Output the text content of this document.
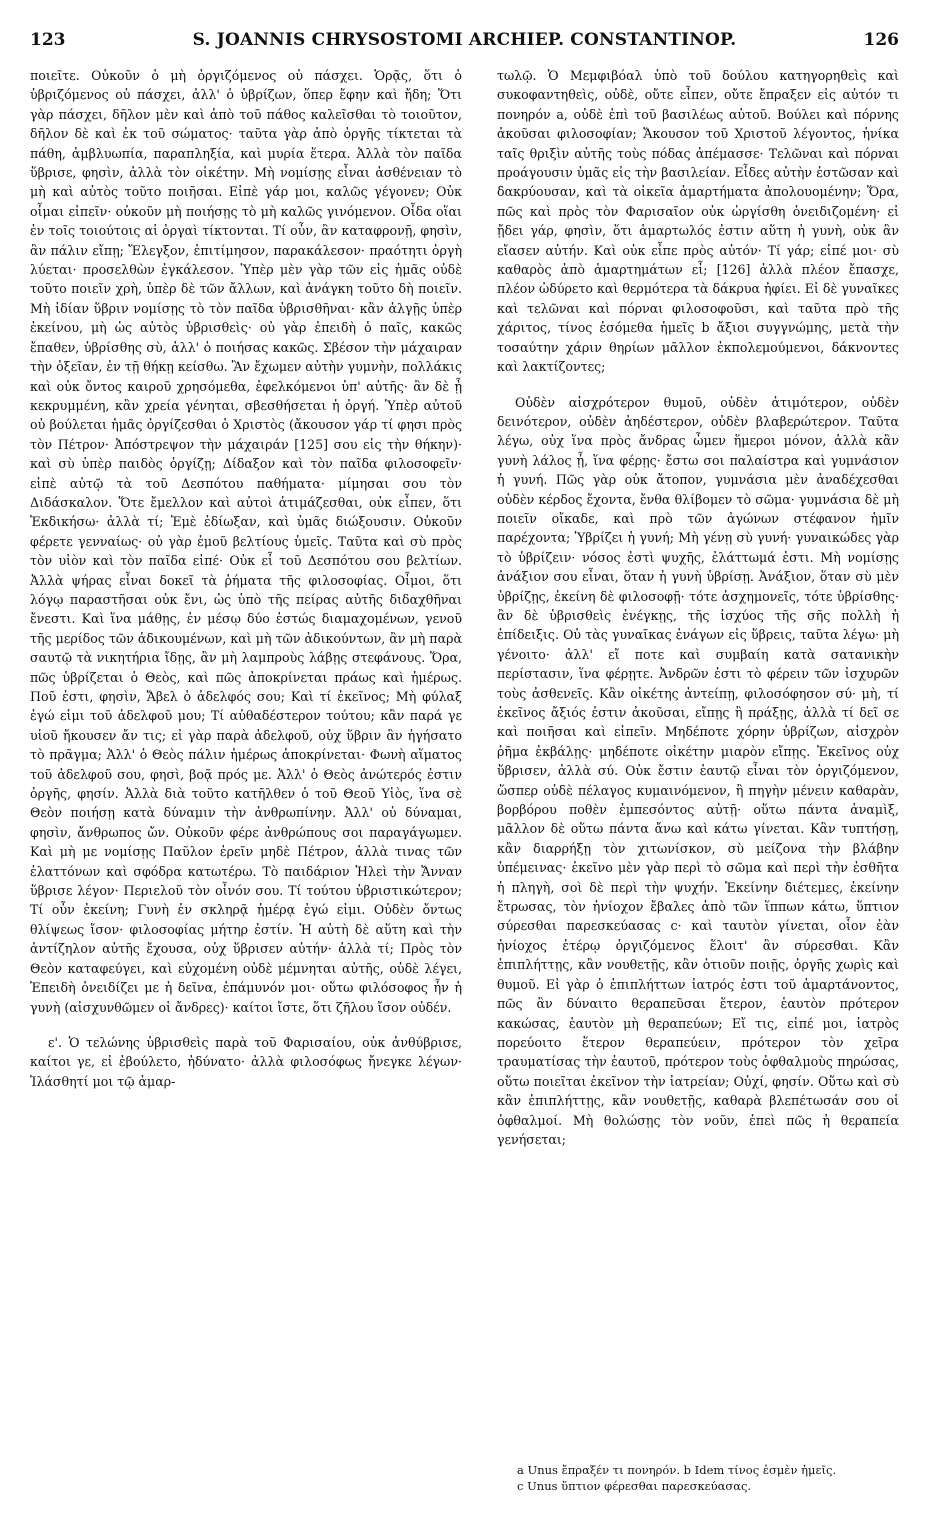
123	S. JOANNIS CHRYSOSTOMI ARCHIEP. CONSTANTINOP.	126

ποιεῖτε. Οὐκοῦν ὁ μὴ ὀργιζόμενος οὐ πάσχει. Ὁρᾷς, ὅτι ὁ ὑβριζόμενος οὐ πάσχει, ἀλλ' ὁ ὑβρίζων, ὅπερ ἔφην καὶ ἤδη; Ὅτι γὰρ πάσχει, δῆλον μὲν καὶ ἀπὸ τοῦ πάθος καλεῖσθαι τὸ τοιοῦτον, δῆλον δὲ καὶ ἐκ τοῦ σώματος· ταῦτα γὰρ ἀπὸ ὀργῆς τίκτεται τὰ πάθη, ἀμβλυωπία, παραπληξία, καὶ μυρία ἕτερα. Ἀλλὰ τὸν παῖδα ὕβρισε, φησὶν, ἀλλὰ τὸν οἰκέτην. Μὴ νομίσῃς εἶναι ἀσθένειαν τὸ μὴ καὶ αὐτὸς τοῦτο ποιῆσαι. Εἰπὲ γάρ μοι, καλῶς γέγονεν; Οὐκ οἶμαι εἰπεῖν· οὐκοῦν μὴ ποιήσῃς τὸ μὴ καλῶς γινόμενον. Οἶδα οἵαι ἐν τοῖς τοιούτοις αἱ ὀργαὶ τίκτονται. Τί οὖν, ἂν καταφρονῇ, φησὶν, ἂν πάλιν εἴπῃ; Ἔλεγξον, ἐπιτίμησον, παρακάλεσον· πραότητι ὀργὴ λύεται· προσελθὼν ἐγκάλεσον. Ὑπὲρ μὲν γὰρ τῶν εἰς ἡμᾶς οὐδὲ τοῦτο ποιεῖν χρὴ, ὑπὲρ δὲ τῶν ἄλλων, καὶ ἀνάγκη τοῦτο δὴ ποιεῖν. Μὴ ἰδίαν ὕβριν νομίσῃς τὸ τὸν παῖδα ὑβρισθῆναι· κἂν ἀλγῇς ὑπὲρ ἐκείνου, μὴ ὡς αὐτὸς ὑβρισθεὶς· οὐ γὰρ ἐπειδὴ ὁ παῖς, κακῶς ἔπαθεν, ὑβρίσθης σὺ, ἀλλ' ὁ ποιήσας κακῶς. Σβέσον τὴν μάχαιραν τὴν ὀξεῖαν, ἐν τῇ θήκῃ κείσθω. Ἂν ἔχωμεν αὐτὴν γυμνὴν, πολλάκις καὶ οὐκ ὄντος καιροῦ χρησόμεθα, ἐφελκόμενοι ὑπ' αὐτῆς· ἂν δὲ ᾖ κεκρυμμένη, κἂν χρεία γένηται, σβεσθήσεται ἡ ὀργή. Ὑπὲρ αὐτοῦ οὐ βούλεται ἡμᾶς ὀργίζεσθαι ὁ Χριστὸς (ἄκουσον γάρ τί φησι πρὸς τὸν Πέτρον· Ἀπόστρεψον τὴν μάχαιράν [125] σου εἰς τὴν θήκην)· καὶ σὺ ὑπὲρ παιδὸς ὀργίζῃ; Δίδαξον καὶ τὸν παῖδα φιλοσοφεῖν· εἰπὲ αὐτῷ τὰ τοῦ Δεσπότου παθήματα· μίμησαι σου τὸν Διδάσκαλον. Ὅτε ἔμελλον καὶ αὐτοὶ ἀτιμάζεσθαι, οὐκ εἶπεν, ὅτι Ἐκδικήσω· ἀλλὰ τί; Ἐμὲ ἐδίωξαν, καὶ ὑμᾶς διώξουσιν. Οὐκοῦν φέρετε γενναίως· οὐ γὰρ ἐμοῦ βελτίους ὑμεῖς. Ταῦτα καὶ σὺ πρὸς τὸν υἱὸν καὶ τὸν παῖδα εἰπέ· Οὐκ εἶ τοῦ Δεσπότου σου βελτίων. Ἀλλὰ ψήρας εἶναι δοκεῖ τὰ ῥήματα τῆς φιλοσοφίας. Οἶμοι, ὅτι λόγῳ παραστῆσαι οὐκ ἔνι, ὡς ὑπὸ τῆς πείρας αὐτῆς διδαχθῆναι ἔνεστι. Καὶ ἵνα μάθῃς, ἐν μέσῳ δύο ἐστώς διαμαχομένων, γενοῦ τῆς μερίδος τῶν ἀδικουμένων, καὶ μὴ τῶν ἀδικούντων, ἂν μὴ παρὰ σαυτῷ τὰ νικητήρια ἴδῃς, ἂν μὴ λαμπροὺς λάβῃς στεφάνους. Ὅρα, πῶς ὑβρίζεται ὁ Θεὸς, καὶ πῶς ἀποκρίνεται πράως καὶ ἡμέρως. Ποῦ ἐστι, φησὶν, Ἄβελ ὁ ἀδελφός σου; Καὶ τί ἐκεῖνος; Μὴ φύλαξ ἐγώ εἰμι τοῦ ἀδελφοῦ μου; Τί αὐθαδέστερον τούτου; κἂν παρά γε υἱοῦ ἤκουσεν ἄν τις; εἰ γὰρ παρὰ ἀδελφοῦ, οὐχ ὕβριν ἂν ἡγήσατο τὸ πρᾶγμα; Ἀλλ' ὁ Θεὸς πάλιν ἡμέρως ἀποκρίνεται· Φωνὴ αἵματος τοῦ ἀδελφοῦ σου, φησὶ, βοᾷ πρός με. Ἀλλ' ὁ Θεὸς ἀνώτερός ἐστιν ὀργῆς, φησίν. Ἀλλὰ διὰ τοῦτο κατῆλθεν ὁ τοῦ Θεοῦ Υἱὸς, ἵνα σὲ Θεὸν ποιήσῃ κατὰ δύναμιν τὴν ἀνθρωπίνην. Ἀλλ' οὐ δύναμαι, φησὶν, ἄνθρωπος ὤν. Οὐκοῦν φέρε ἀνθρώπους σοι παραγάγωμεν. Καὶ μὴ με νομίσῃς Παῦλον ἐρεῖν μηδὲ Πέτρον, ἀλλὰ τινας τῶν ἐλαττόνων καὶ σφόδρα κατωτέρω. Τὸ παιδάριον Ἠλεὶ τὴν Ἄνναν ὕβρισε λέγον· Περιελοῦ τὸν οἶνόν σου. Τί τούτου ὑβριστικώτερον; Τί οὖν ἐκείνη; Γυνὴ ἐν σκληρᾷ ἡμέρᾳ ἐγώ εἰμι. Οὐδὲν ὄντως θλίψεως ἴσον· φιλοσοφίας μήτηρ ἐστίν. Ἡ αὐτὴ δὲ αὕτη καὶ τὴν ἀντίζηλον αὐτῆς ἔχουσα, οὐχ ὕβρισεν αὐτήν· ἀλλὰ τί; Πρὸς τὸν Θεὸν καταφεύγει, καὶ εὐχομένη οὐδὲ μέμνηται αὐτῆς, οὐδὲ λέγει, Ἐπειδὴ ὀνειδίζει με ἡ δεῖνα, ἐπάμυνόν μοι· οὕτω φιλόσοφος ἦν ἡ γυνὴ (αἰσχυνθῶμεν οἱ ἄνδρες)· καίτοι ἴστε, ὅτι ζῆλου ἴσον οὐδέν.

ε'. Ὁ τελώνης ὑβρισθεὶς παρὰ τοῦ Φαρισαίου, οὐκ ἀνθύβρισε, καίτοι γε, εἰ ἐβούλετο, ἠδύνατο· ἀλλὰ φιλοσόφως ἤνεγκε λέγων· Ἱλάσθητί μοι τῷ ἁμαρ-

τωλῷ. Ὁ Μεμφιβόαλ ὑπὸ τοῦ δούλου κατηγορηθεὶς καὶ συκοφαντηθεὶς, οὐδὲ, οὔτε εἶπεν, οὔτε ἔπραξεν εἰς αὐτόν τι πονηρόν a, οὐδὲ ἐπὶ τοῦ βασιλέως αὐτοῦ. Βούλει καὶ πόρνης ἀκοῦσαι φιλοσοφίαν; Ἄκουσον τοῦ Χριστοῦ λέγοντος, ἡνίκα ταῖς θριξὶν αὐτῆς τοὺς πόδας ἀπέμασσε· Τελῶναι καὶ πόρναι προάγουσιν ὑμᾶς εἰς τὴν βασιλείαν. Εἶδες αὐτὴν ἑστῶσαν καὶ δακρύουσαν, καὶ τὰ οἰκεῖα ἁμαρτήματα ἀπολουομένην; Ὅρα, πῶς καὶ πρὸς τὸν Φαρισαῖον οὐκ ὠργίσθη ὀνειδιζομένη· εἰ ᾔδει γάρ, φησὶν, ὅτι ἁμαρτωλός ἐστιν αὕτη ἡ γυνὴ, οὐκ ἂν εἴασεν αὐτήν. Καὶ οὐκ εἶπε πρὸς αὐτόν· Τί γάρ; εἰπέ μοι· σὺ καθαρὸς ἀπὸ ἁμαρτημάτων εἶ; [126] ἀλλὰ πλέον ἔπασχε, πλέον ὠδύρετο καὶ θερμότερα τὰ δάκρυα ἠφίει. Εἰ δὲ γυναῖκες καὶ τελῶναι καὶ πόρναι φιλοσοφοῦσι, καὶ ταῦτα πρὸ τῆς χάριτος, τίνος ἐσόμεθα ἡμεῖς b ἄξιοι συγγνώμης, μετὰ τὴν τοσαύτην χάριν θηρίων μᾶλλον ἐκπολεμούμενοι, δάκνοντες καὶ λακτίζοντες;

Οὐδὲν αἰσχρότερον θυμοῦ, οὐδὲν ἀτιμότερον, οὐδὲν δεινότερον, οὐδὲν ἀηδέστερον, οὐδὲν βλαβερώτερον. Ταῦτα λέγω, οὐχ ἵνα πρὸς ἄνδρας ὦμεν ἥμεροι μόνον, ἀλλὰ κἂν γυνὴ λάλος ᾖ, ἵνα φέρῃς· ἔστω σοι παλαίστρα καὶ γυμνάσιον ἡ γυνή. Πῶς γὰρ οὐκ ἄτοπον, γυμνάσια μὲν ἀναδέχεσθαι οὐδὲν κέρδος ἔχοντα, ἔνθα θλίβομεν τὸ σῶμα· γυμνάσια δὲ μὴ ποιεῖν οἴκαδε, καὶ πρὸ τῶν ἀγώνων στέφανον ἡμῖν παρέχοντα; Ὑβρίζει ἡ γυνή; Μὴ γένῃ σὺ γυνή· γυναικώδες γὰρ τὸ ὑβρίζειν· νόσος ἐστὶ ψυχῆς, ἐλάττωμά ἐστι. Μὴ νομίσῃς ἀνάξιον σου εἶναι, ὅταν ἡ γυνὴ ὑβρίσῃ. Ἀνάξιον, ὅταν σὺ μὲν ὑβρίζῃς, ἐκείνη δὲ φιλοσοφῇ· τότε ἀσχημονεῖς, τότε ὑβρίσθης· ἂν δὲ ὑβρισθεὶς ἐνέγκῃς, τῆς ἰσχύος τῆς σῆς πολλὴ ἡ ἐπίδειξις. Οὐ τὰς γυναῖκας ἐνάγων εἰς ὕβρεις, ταῦτα λέγω· μὴ γένοιτο· ἀλλ' εἴ ποτε καὶ συμβαίη κατὰ σατανικὴν περίστασιν, ἵνα φέρῃτε. Ἀνδρῶν ἐστι τὸ φέρειν τῶν ἰσχυρῶν τοὺς ἀσθενεῖς. Κἂν οἰκέτης ἀντείπῃ, φιλοσόφησον σύ· μὴ, τί ἐκεῖνος ἄξιός ἐστιν ἀκοῦσαι, εἴπῃς ἢ πράξῃς, ἀλλὰ τί δεῖ σε καὶ ποιῆσαι καὶ εἰπεῖν. Μηδέποτε χόρην ὑβρίζων, αἰσχρὸν ῥῆμα ἐκβάλῃς· μηδέποτε οἰκέτην μιαρὸν εἴπῃς. Ἐκεῖνος οὐχ ὕβρισεν, ἀλλὰ σύ. Οὐκ ἔστιν ἑαυτῷ εἶναι τὸν ὀργιζόμενον, ὥσπερ οὐδὲ πέλαγος κυμαινόμενον, ἢ πηγὴν μένειν καθαρὰν, βορβόρου ποθὲν ἐμπεσόντος αὐτῇ· οὕτω πάντα ἀναμὶξ, μᾶλλον δὲ οὕτω πάντα ἄνω καὶ κάτω γίνεται. Κἂν τυπτήσῃ, κἂν διαρρήξῃ τὸν χιτωνίσκον, σὺ μείζονα τὴν βλάβην ὑπέμεινας· ἐκεῖνο μὲν γὰρ περὶ τὸ σῶμα καὶ περὶ τὴν ἐσθῆτα ἡ πληγὴ, σοὶ δὲ περὶ τὴν ψυχήν. Ἐκείνην διέτεμες, ἐκείνην ἔτρωσας, τὸν ἡνίοχον ἔβαλες ἀπὸ τῶν ἵππων κάτω, ὕπτιον σύρεσθαι παρεσκεύασας c· καὶ ταυτὸν γίνεται, οἷον ἐὰν ἡνίοχος ἑτέρῳ ὀργιζόμενος ἕλοιτ' ἂν σύρεσθαι. Κἂν ἐπιπλήττῃς, κἂν νουθετῇς, κἂν ὁτιοῦν ποιῇς, ὀργῆς χωρὶς καὶ θυμοῦ. Εἰ γὰρ ὁ ἐπιπλήττων ἰατρός ἐστι τοῦ ἁμαρτάνοντος, πῶς ἂν δύναιτο θεραπεῦσαι ἕτερον, ἑαυτὸν πρότερον κακώσας, ἑαυτὸν μὴ θεραπεύων; Εἴ τις, εἰπέ μοι, ἰατρὸς πορεύοιτο ἕτερον θεραπεύειν, πρότερον τὸν χεῖρα τραυματίσας τὴν ἑαυτοῦ, πρότερον τοὺς ὀφθαλμοὺς πηρώσας, οὕτω ποιεῖται ἐκεῖνον τὴν ἰατρείαν; Οὐχί, φησίν. Οὕτω καὶ σὺ κἂν ἐπιπλήττῃς, κἂν νουθετῇς, καθαρὰ βλεπέτωσάν σου οἱ ὀφθαλμοί. Μὴ θολώσῃς τὸν νοῦν, ἐπεὶ πῶς ἡ θεραπεία γενήσεται;

a Unus ἔπραξέν τι πονηρόν. b Idem τίνος ἐσμὲν ἡμεῖς.

c Unus ὕπτιον φέρεσθαι παρεσκεύασας.
